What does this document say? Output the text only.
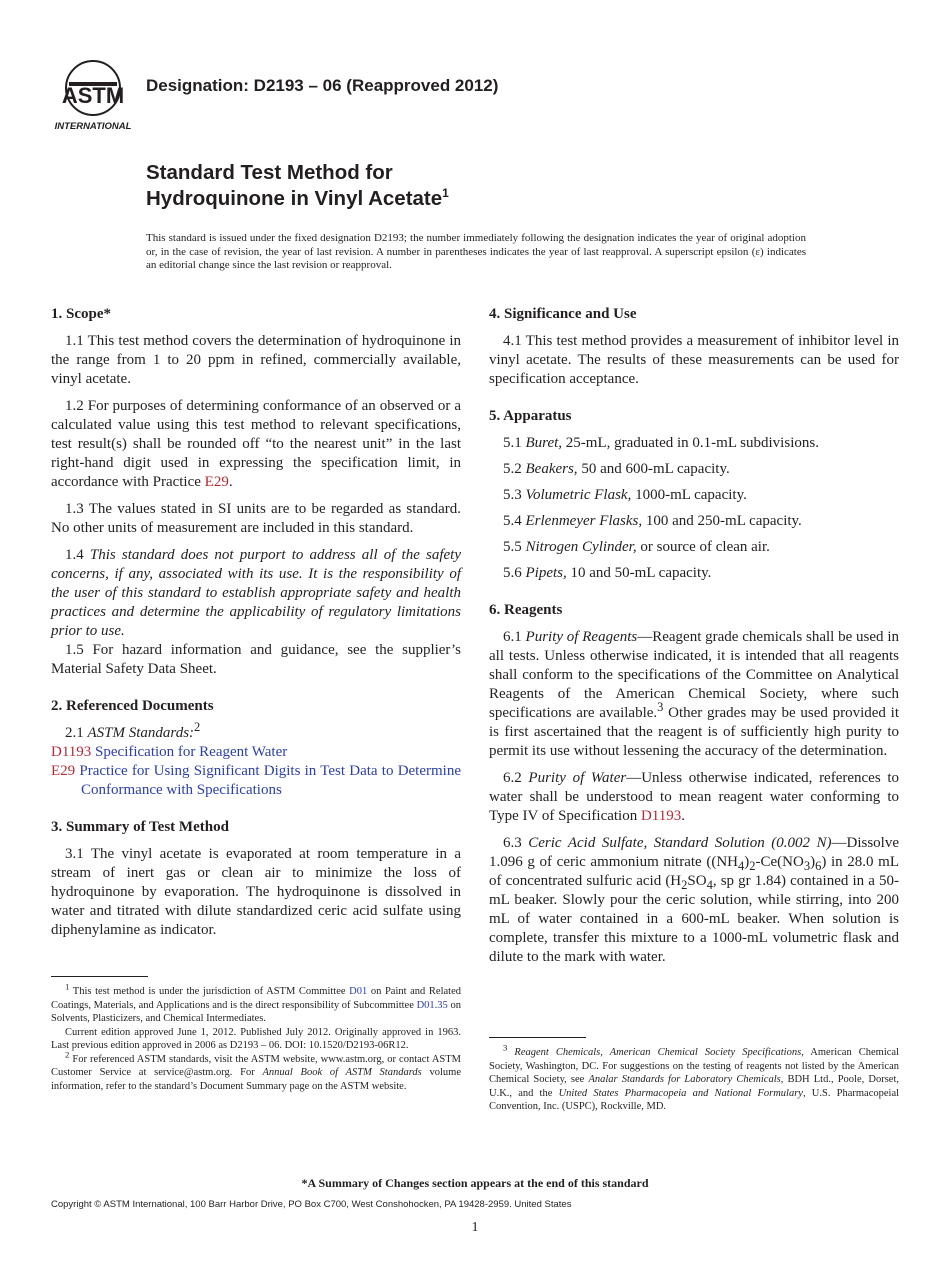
ASTM
INTERNATIONAL
Designation: D2193 – 06 (Reapproved 2012)
Standard Test Method for
Hydroquinone in Vinyl Acetate$^1$
This standard is issued under the fixed designation D2193; the number immediately following the designation indicates the year of original adoption or, in the case of revision, the year of last revision. A number in parentheses indicates the year of last reapproval. A superscript epsilon (ε) indicates an editorial change since the last revision or reapproval.
1. Scope*

1.1 This test method covers the determination of hydroquinone in the range from 1 to 20 ppm in refined, commercially available, vinyl acetate.

1.2 For purposes of determining conformance of an observed or a calculated value using this test method to relevant specifications, test result(s) shall be rounded off “to the nearest unit” in the last right-hand digit used in expressing the specification limit, in accordance with Practice E29.

1.3 The values stated in SI units are to be regarded as standard. No other units of measurement are included in this standard.

1.4 This standard does not purport to address all of the safety concerns, if any, associated with its use. It is the responsibility of the user of this standard to establish appropriate safety and health practices and determine the applicability of regulatory limitations prior to use.

1.5 For hazard information and guidance, see the supplier’s Material Safety Data Sheet.

2. Referenced Documents
2.1 ASTM Standards:$^2$
D1193 Specification for Reagent Water
E29 Practice for Using Significant Digits in Test Data to Determine Conformance with Specifications
3. Summary of Test Method

3.1 The vinyl acetate is evaporated at room temperature in a stream of inert gas or clean air to minimize the loss of hydroquinone by evaporation. The hydroquinone is dissolved in water and titrated with dilute standardized ceric acid sulfate using diphenylamine as indicator.

$^1$ This test method is under the jurisdiction of ASTM Committee D01 on Paint and Related Coatings, Materials, and Applications and is the direct responsibility of Subcommittee D01.35 on Solvents, Plasticizers, and Chemical Intermediates.

Current edition approved June 1, 2012. Published July 2012. Originally approved in 1963. Last previous edition approved in 2006 as D2193 – 06. DOI: 10.1520/D2193-06R12.

$^2$ For referenced ASTM standards, visit the ASTM website, www.astm.org, or contact ASTM Customer Service at service@astm.org. For Annual Book of ASTM Standards volume information, refer to the standard’s Document Summary page on the ASTM website.

4. Significance and Use

4.1 This test method provides a measurement of inhibitor level in vinyl acetate. The results of these measurements can be used for specification acceptance.

5. Apparatus
5.1 Buret, 25-mL, graduated in 0.1-mL subdivisions.
5.2 Beakers, 50 and 600-mL capacity.
5.3 Volumetric Flask, 1000-mL capacity.
5.4 Erlenmeyer Flasks, 100 and 250-mL capacity.
5.5 Nitrogen Cylinder, or source of clean air.
5.6 Pipets, 10 and 50-mL capacity.
6. Reagents

6.1 Purity of Reagents—Reagent grade chemicals shall be used in all tests. Unless otherwise indicated, it is intended that all reagents shall conform to the specifications of the Committee on Analytical Reagents of the American Chemical Society, where such specifications are available.$^3$ Other grades may be used provided it is first ascertained that the reagent is of sufficiently high purity to permit its use without lessening the accuracy of the determination.

6.2 Purity of Water—Unless otherwise indicated, references to water shall be understood to mean reagent water conforming to Type IV of Specification D1193.

6.3 Ceric Acid Sulfate, Standard Solution (0.002 N)—Dissolve 1.096 g of ceric ammonium nitrate $((NH_4)_2-Ce(NO_3)_6)$ in 28.0 mL of concentrated sulfuric acid ($H_2SO_4$, sp gr 1.84) contained in a 50-mL beaker. Slowly pour the ceric solution, while stirring, into 200 mL of water contained in a 600-mL beaker. When solution is complete, transfer this mixture to a 1000-mL volumetric flask and dilute to the mark with water.

$^3$ Reagent Chemicals, American Chemical Society Specifications, American Chemical Society, Washington, DC. For suggestions on the testing of reagents not listed by the American Chemical Society, see Analar Standards for Laboratory Chemicals, BDH Ltd., Poole, Dorset, U.K., and the United States Pharmacopeia and National Formulary, U.S. Pharmacopeial Convention, Inc. (USPC), Rockville, MD.

*A Summary of Changes section appears at the end of this standard
Copyright © ASTM International, 100 Barr Harbor Drive, PO Box C700, West Conshohocken, PA 19428-2959. United States
1
